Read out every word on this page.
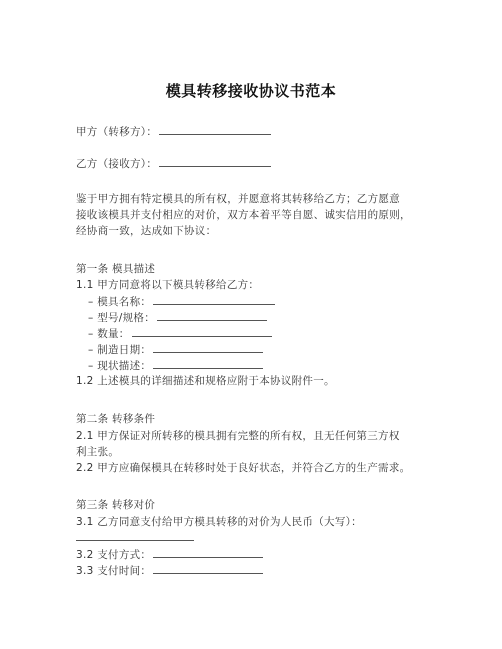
模具转移接收协议书范本
甲方（转移方）：
乙方（接收方）：
鉴于甲方拥有特定模具的所有权，并愿意将其转移给乙方；乙方愿意
接收该模具并支付相应的对价，双方本着平等自愿、诚实信用的原则，
经协商一致，达成如下协议：
第一条 模具描述
1.1 甲方同意将以下模具转移给乙方：
– 模具名称：
– 型号/规格：
– 数量：
– 制造日期：
– 现状描述：
1.2 上述模具的详细描述和规格应附于本协议附件一。
第二条 转移条件
2.1 甲方保证对所转移的模具拥有完整的所有权，且无任何第三方权
利主张。
2.2 甲方应确保模具在转移时处于良好状态，并符合乙方的生产需求。
第三条 转移对价
3.1 乙方同意支付给甲方模具转移的对价为人民币（大写）：
3.2 支付方式：
3.3 支付时间：
